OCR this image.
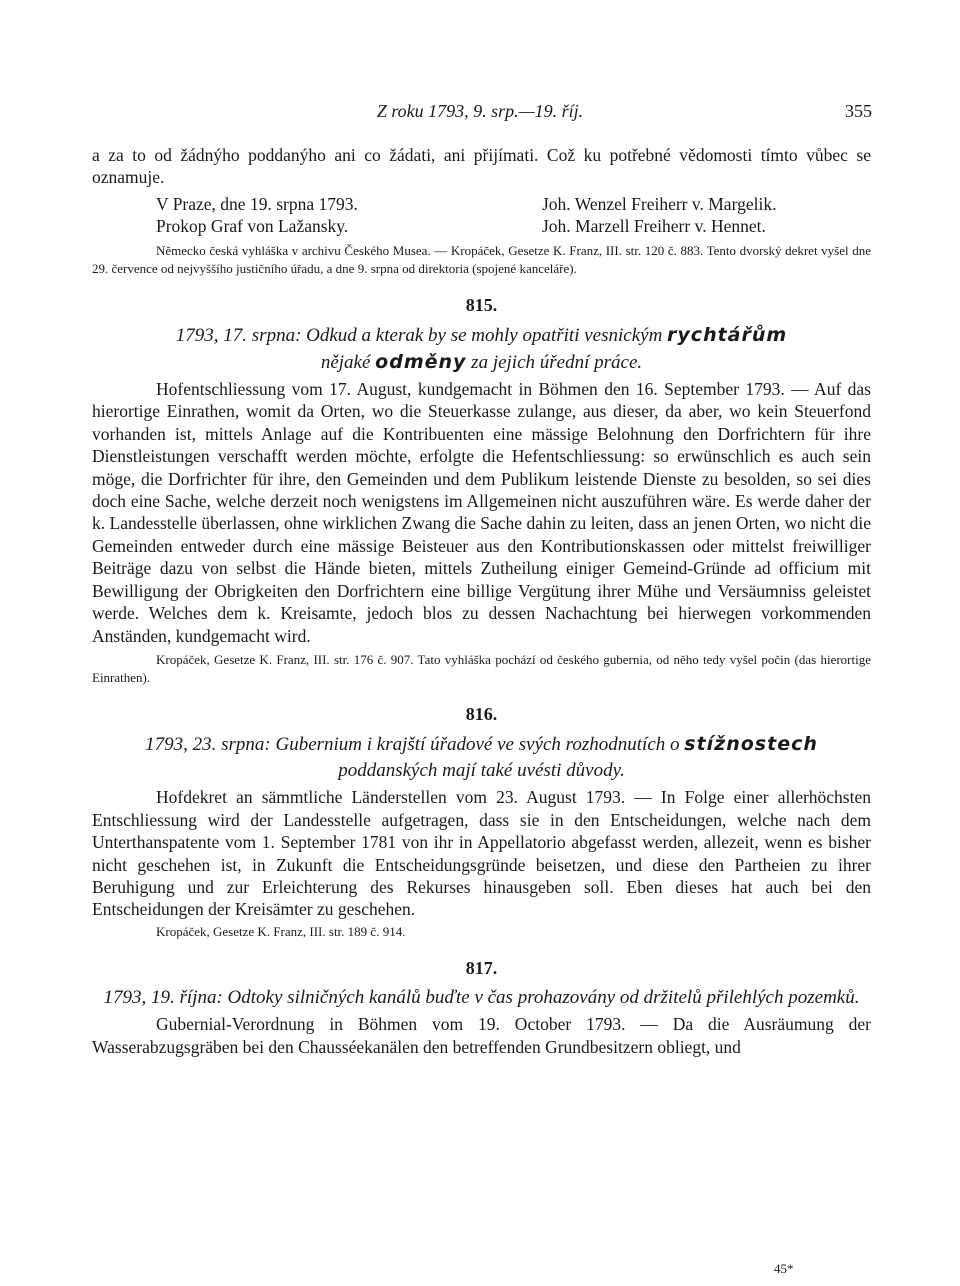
Z roku 1793, 9. srp.—19. říj.	355

a za to od žádnýho poddanýho ani co žádati, ani přijímati. Což ku potřebné vědomosti tímto vůbec se oznamuje.

V Praze, dne 19. srpna 1793.	Joh. Wenzel Freiherr v. Margelik.
Prokop Graf von Lažansky.	Joh. Marzell Freiherr v. Hennet.

Německo česká vyhláška v archivu Českého Musea. — Kropáček, Gesetze K. Franz, III. str. 120 č. 883. Tento dvorský dekret vyšel dne 29. července od nejvyššího justičního úřadu, a dne 9. srpna od direktoria (spojené kanceláře).

815.
1793, 17. srpna: Odkud a kterak by se mohly opatřiti vesnickým rychtářům
nějaké odměny za jejich úřední práce.

Hofentschliessung vom 17. August, kundgemacht in Böhmen den 16. September 1793. — Auf das hierortige Einrathen, womit da Orten, wo die Steuerkasse zulange, aus dieser, da aber, wo kein Steuerfond vorhanden ist, mittels Anlage auf die Kontribuenten eine mässige Belohnung den Dorfrichtern für ihre Dienstleistungen verschafft werden möchte, erfolgte die Hefentschliessung: so erwünschlich es auch sein möge, die Dorfrichter für ihre, den Gemeinden und dem Publikum leistende Dienste zu besolden, so sei dies doch eine Sache, welche derzeit noch wenigstens im Allgemeinen nicht auszuführen wäre. Es werde daher der k. Landesstelle überlassen, ohne wirklichen Zwang die Sache dahin zu leiten, dass an jenen Orten, wo nicht die Gemeinden entweder durch eine mässige Beisteuer aus den Kontributionskassen oder mittelst freiwilliger Beiträge dazu von selbst die Hände bieten, mittels Zutheilung einiger Gemeind-Gründe ad officium mit Bewilligung der Obrigkeiten den Dorfrichtern eine billige Vergütung ihrer Mühe und Versäumniss geleistet werde. Welches dem k. Kreisamte, jedoch blos zu dessen Nachachtung bei hierwegen vorkommenden Anständen, kundgemacht wird.

Kropáček, Gesetze K. Franz, III. str. 176 č. 907. Tato vyhláška pochází od českého gubernia, od něho tedy vyšel počin (das hierortige Einrathen).

816.
1793, 23. srpna: Gubernium i krajští úřadové ve svých rozhodnutích o stížnostech
poddanských mají také uvésti důvody.

Hofdekret an sämmtliche Länderstellen vom 23. August 1793. — In Folge einer allerhöchsten Entschliessung wird der Landesstelle aufgetragen, dass sie in den Entscheidungen, welche nach dem Unterthanspatente vom 1. September 1781 von ihr in Appellatorio abgefasst werden, allezeit, wenn es bisher nicht geschehen ist, in Zukunft die Entscheidungsgründe beisetzen, und diese den Partheien zu ihrer Beruhigung und zur Erleichterung des Rekurses hinausgeben soll. Eben dieses hat auch bei den Entscheidungen der Kreisämter zu geschehen.

Kropáček, Gesetze K. Franz, III. str. 189 č. 914.

817.
1793, 19. října: Odtoky silničných kanálů buďte v čas prohazovány od držitelů přilehlých pozemků.

Gubernial-Verordnung in Böhmen vom 19. October 1793. — Da die Ausräumung der Wasserabzugsgräben bei den Chausséekanälen den betreffenden Grundbesitzern obliegt, und

45*
